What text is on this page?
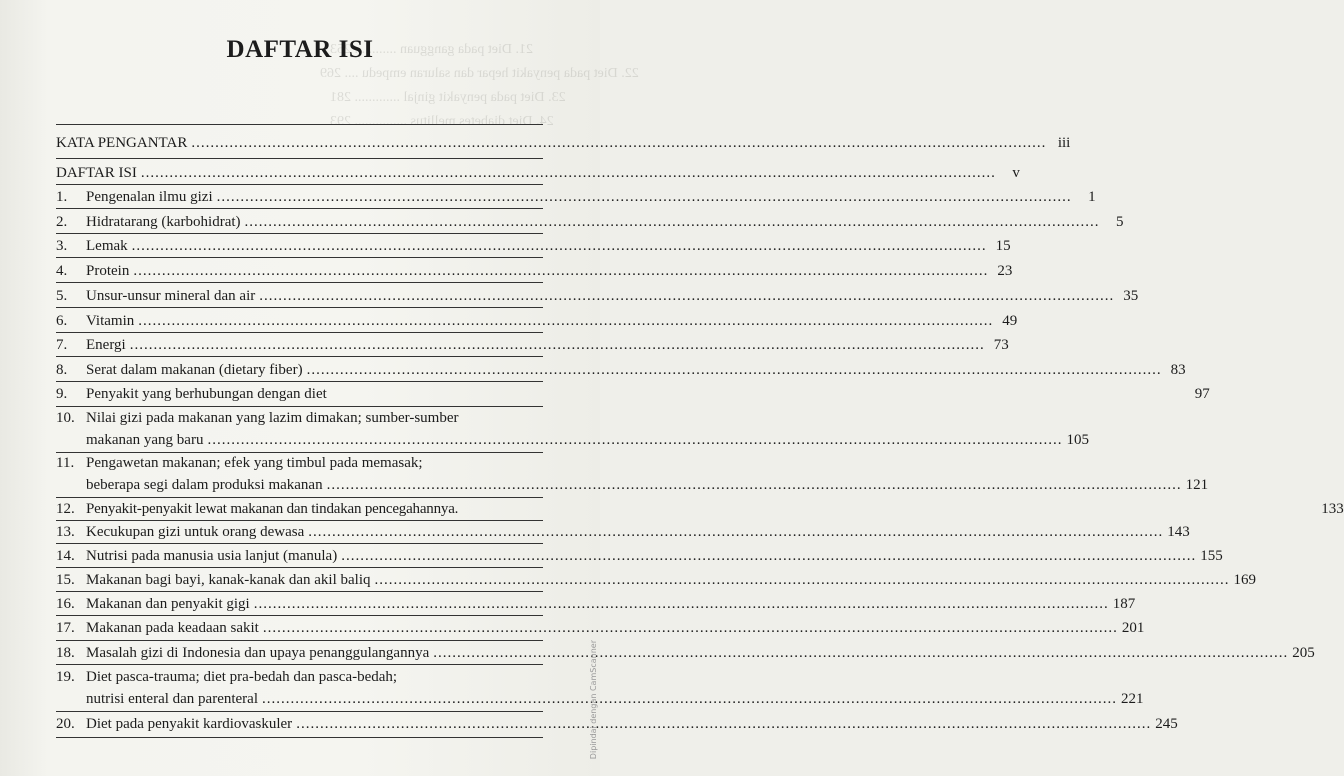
21. Diet pada gangguan ............ 253
22. Diet pada penyakit hepar dan saluran empedu .... 269
23. Diet pada penyakit ginjal ............. 281
24. Diet diabetes mellitus ............... 293
DAFTAR ISI
KATA PENGANTAR .....	iii
DAFTAR ISI .....	v
1.	Pengenalan ilmu gizi .....	1
2.	Hidratarang (karbohidrat) .....	5
3.	Lemak .....	15
4.	Protein .....	23
5.	Unsur-unsur mineral dan air .....	35
6.	Vitamin .....	49
7.	Energi .....	73
8.	Serat dalam makanan (dietary fiber) .....	83
9.	Penyakit yang berhubungan dengan diet	97
10. Nilai gizi pada makanan yang lazim dimakan; sumber-sumber
makanan yang baru .....	105
11. Pengawetan makanan; efek yang timbul pada memasak;
beberapa segi dalam produksi makanan .....	121
12. Penyakit-penyakit lewat makanan dan tindakan pencegahannya.	133
13. Kecukupan gizi untuk orang dewasa .....	143
14. Nutrisi pada manusia usia lanjut (manula) .....	155
15. Makanan bagi bayi, kanak-kanak dan akil baliq .....	169
16. Makanan dan penyakit gigi .....	187
17. Makanan pada keadaan sakit .....	201
18. Masalah gizi di Indonesia dan upaya penanggulangannya .....	205
19. Diet pasca-trauma; diet pra-bedah dan pasca-bedah;
nutrisi enteral dan parenteral .....	221
20. Diet pada penyakit kardiovaskuler .....	245
Dipindai dengan CamScanner
